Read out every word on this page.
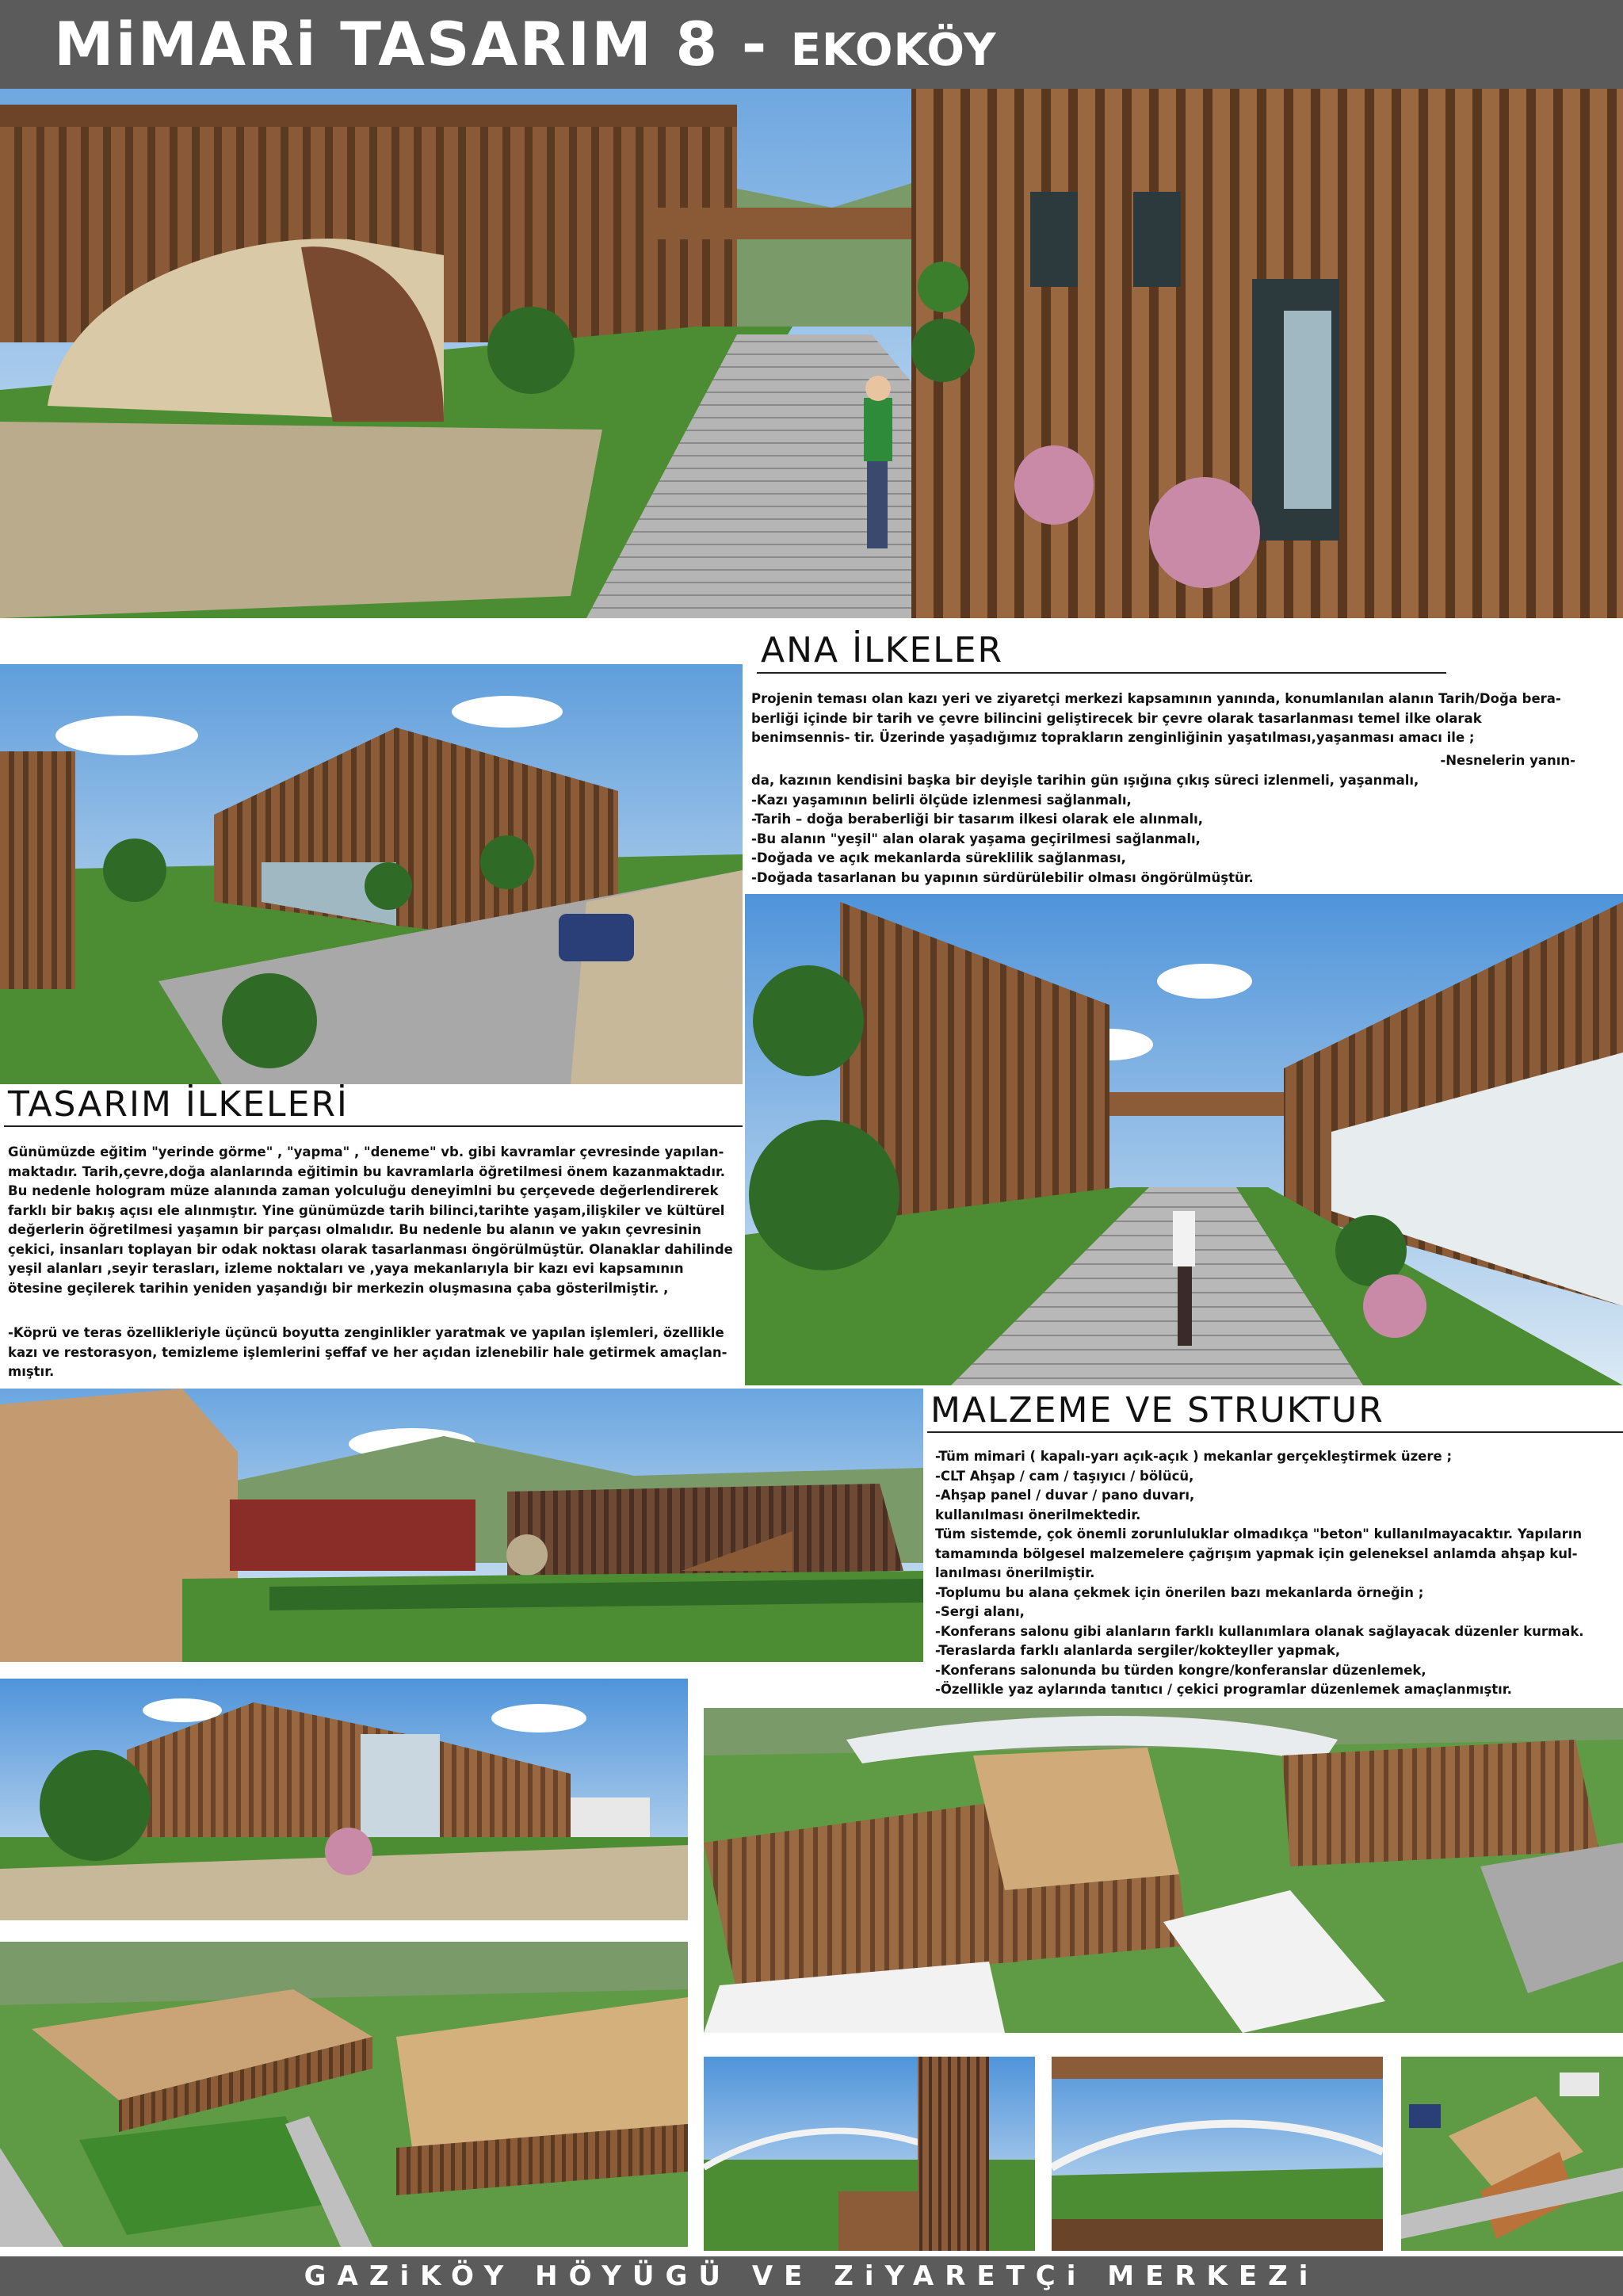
MiMARi TASARIM 8 - EKOKÖY
ANA İLKELER
Projenin teması olan kazı yeri ve ziyaretçi merkezi kapsamının yanında, konumlanılan alanın Tarih/Doğa bera- berliği içinde bir tarih ve çevre bilincini geliştirecek bir çevre olarak tasarlanması temel ilke olarak benimsennis- tir. Üzerinde yaşadığımız toprakların zenginliğinin yaşatılması,yaşanması amacı ile ;
-Nesnelerin yanın-

da, kazının kendisini başka bir deyişle tarihin gün ışığına çıkış süreci izlenmeli, yaşanmalı,

-Kazı yaşamının belirli ölçüde izlenmesi sağlanmalı,

-Tarih – doğa beraberliği bir tasarım ilkesi olarak ele alınmalı,

-Bu alanın "yeşil" alan olarak yaşama geçirilmesi sağlanmalı,

-Doğada ve açık mekanlarda süreklilik sağlanması,

-Doğada tasarlanan bu yapının sürdürülebilir olması öngörülmüştür.

TASARIM İLKELERİ
Günümüzde eğitim "yerinde görme" , "yapma" , "deneme" vb. gibi kavramlar çevresinde yapılan- maktadır. Tarih,çevre,doğa alanlarında eğitimin bu kavramlarla öğretilmesi önem kazanmaktadır. Bu nedenle hologram müze alanında zaman yolculuğu deneyimlni bu çerçevede değerlendirerek farklı bir bakış açısı ele alınmıştır. Yine günümüzde tarih bilinci,tarihte yaşam,ilişkiler ve kültürel değerlerin öğretilmesi yaşamın bir parçası olmalıdır. Bu nedenle bu alanın ve yakın çevresinin çekici, insanları toplayan bir odak noktası olarak tasarlanması öngörülmüştür. Olanaklar dahilinde yeşil alanları ,seyir terasları, izleme noktaları ve ,yaya mekanlarıyla bir kazı evi kapsamının ötesine geçilerek tarihin yeniden yaşandığı bir merkezin oluşmasına çaba gösterilmiştir. ,
-Köprü ve teras özellikleriyle üçüncü boyutta zenginlikler yaratmak ve yapılan işlemleri, özellikle kazı ve restorasyon, temizleme işlemlerini şeffaf ve her açıdan izlenebilir hale getirmek amaçlan- mıştır.
MALZEME VE STRUKTUR

-Tüm mimari ( kapalı-yarı açık-açık ) mekanlar gerçekleştirmek üzere ;

-CLT Ahşap / cam / taşıyıcı / bölücü,

-Ahşap panel / duvar / pano duvarı,

kullanılması önerilmektedir.

Tüm sistemde, çok önemli zorunluluklar olmadıkça "beton" kullanılmayacaktır. Yapıların tamamında bölgesel malzemelere çağrışım yapmak için geleneksel anlamda ahşap kul- lanılması önerilmiştir.

-Toplumu bu alana çekmek için önerilen bazı mekanlarda örneğin ;

-Sergi alanı,

-Konferans salonu gibi alanların farklı kullanımlara olanak sağlayacak düzenler kurmak.

-Teraslarda farklı alanlarda sergiler/kokteyller yapmak,

-Konferans salonunda bu türden kongre/konferanslar düzenlemek,

-Özellikle yaz aylarında tanıtıcı / çekici programlar düzenlemek amaçlanmıştır.

GAZiKÖY HÖYÜGÜ VE ZiYARETÇi MERKEZi
